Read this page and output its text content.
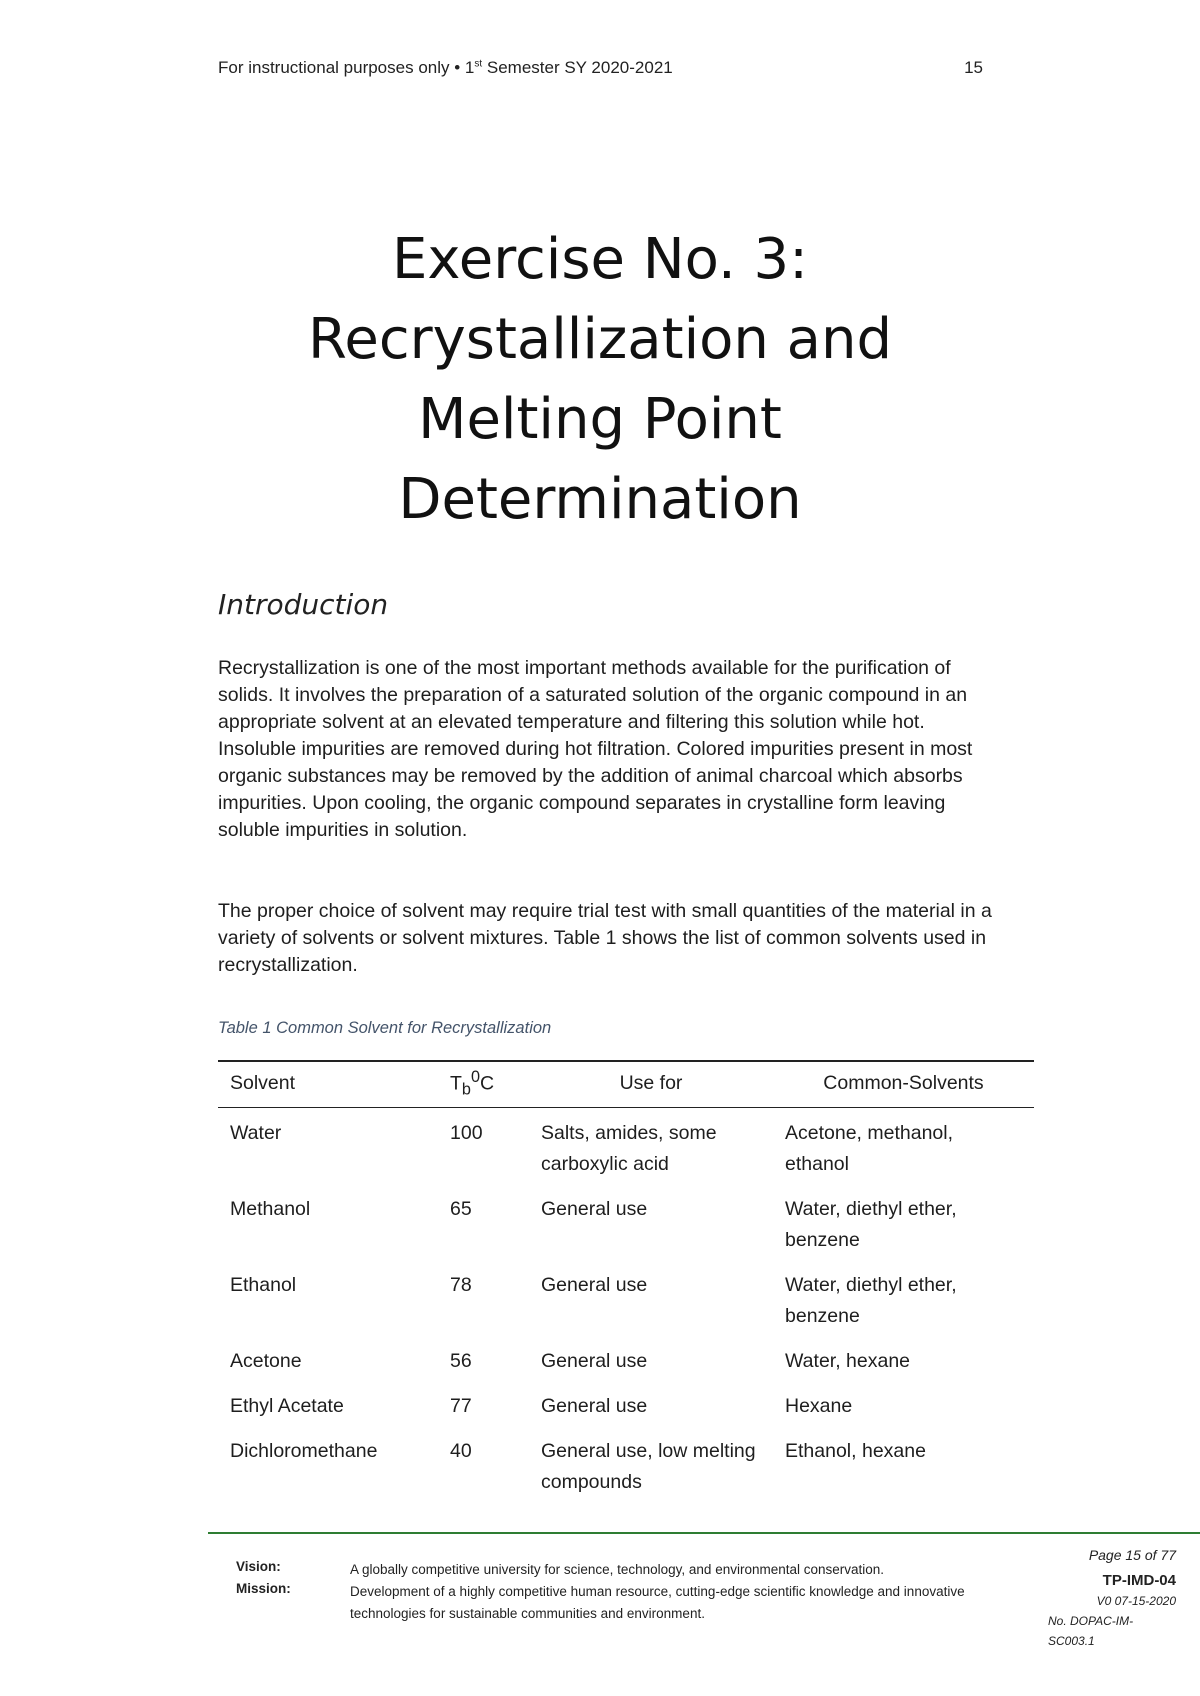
For instructional purposes only • 1st Semester SY 2020-2021	15
Exercise No. 3:
Recrystallization and
Melting Point
Determination
Introduction
Recrystallization is one of the most important methods available for the purification of solids. It involves the preparation of a saturated solution of the organic compound in an appropriate solvent at an elevated temperature and filtering this solution while hot. Insoluble impurities are removed during hot filtration. Colored impurities present in most organic substances may be removed by the addition of animal charcoal which absorbs impurities. Upon cooling, the organic compound separates in crystalline form leaving soluble impurities in solution.
The proper choice of solvent may require trial test with small quantities of the material in a variety of solvents or solvent mixtures. Table 1 shows the list of common solvents used in recrystallization.
Table 1 Common Solvent for Recrystallization
Solvent	$T_b^0C$	Use for	Common-Solvents
Water	100	Salts, amides, some carboxylic acid	Acetone, methanol, ethanol
Methanol	65	General use	Water, diethyl ether, benzene
Ethanol	78	General use	Water, diethyl ether, benzene
Acetone	56	General use	Water, hexane
Ethyl Acetate	77	General use	Hexane
Dichloromethane	40	General use, low melting compounds	Ethanol, hexane
Vision:	A globally competitive university for science, technology, and environmental conservation.
Mission:	Development of a highly competitive human resource, cutting-edge scientific knowledge and innovative technologies for sustainable communities and environment.
Page 15 of 77
TP-IMD-04
V0 07-15-2020
No. DOPAC-IM-SC003.1
